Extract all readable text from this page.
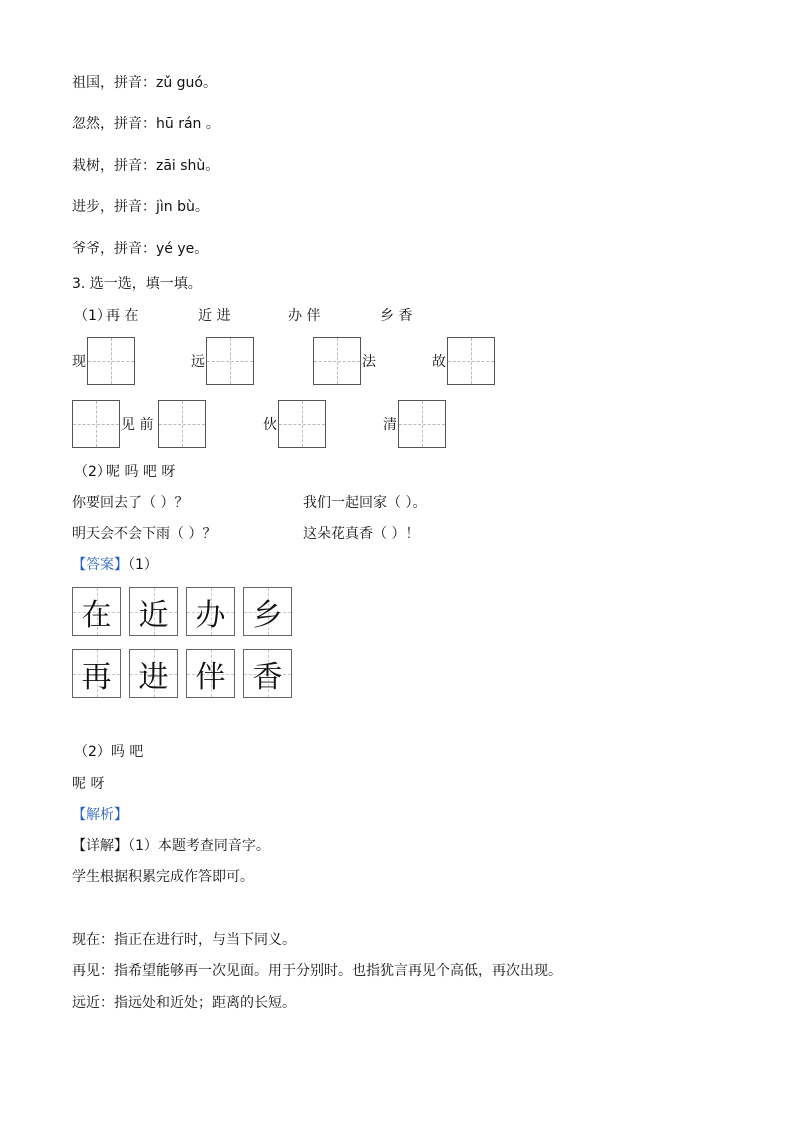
祖国，拼音：zǔ guó。
忽然，拼音：hū rán 。
栽树，拼音：zāi shù。
进步，拼音：jìn bù。
爷爷，拼音：yé ye。
3. 选一选，填一填。
（1）
再 在	近 进	办 伴	乡 香
现	远	法	故
见 前	伙	清
（2）
呢 吗 吧 呀
你要回去了（ ）？	我们一起回家（ ）。
明天会不会下雨（ ）？	这朵花真香（ ）！
【答案】（1）
在 近 办 乡
再 进 伴 香
（2）吗 吧
呢 呀
【解析】
【详解】（1）本题考查同音字。
学生根据积累完成作答即可。
现在：指正在进行时，与当下同义。
再见：指希望能够再一次见面。用于分别时。也指犹言再见个高低，再次出现。
远近：指远处和近处；距离的长短。
